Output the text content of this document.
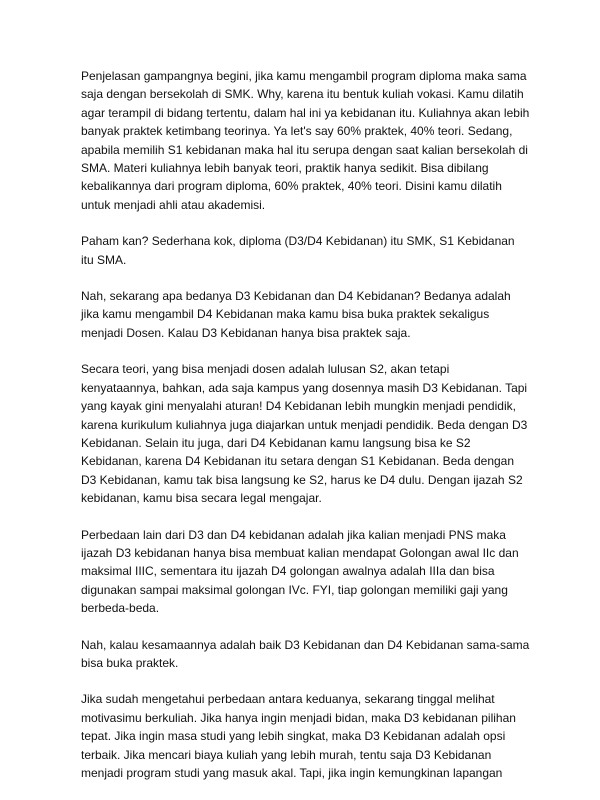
Penjelasan gampangnya begini, jika kamu mengambil program diploma maka sama
saja dengan bersekolah di SMK. Why, karena itu bentuk kuliah vokasi. Kamu dilatih
agar terampil di bidang tertentu, dalam hal ini ya kebidanan itu. Kuliahnya akan lebih
banyak praktek ketimbang teorinya. Ya let's say 60% praktek, 40% teori. Sedang,
apabila memilih S1 kebidanan maka hal itu serupa dengan saat kalian bersekolah di
SMA. Materi kuliahnya lebih banyak teori, praktik hanya sedikit. Bisa dibilang
kebalikannya dari program diploma, 60% praktek, 40% teori. Disini kamu dilatih
untuk menjadi ahli atau akademisi.
Paham kan? Sederhana kok, diploma (D3/D4 Kebidanan) itu SMK, S1 Kebidanan
itu SMA.
Nah, sekarang apa bedanya D3 Kebidanan dan D4 Kebidanan? Bedanya adalah
jika kamu mengambil D4 Kebidanan maka kamu bisa buka praktek sekaligus
menjadi Dosen. Kalau D3 Kebidanan hanya bisa praktek saja.
Secara teori, yang bisa menjadi dosen adalah lulusan S2, akan tetapi
kenyataannya, bahkan, ada saja kampus yang dosennya masih D3 Kebidanan. Tapi
yang kayak gini menyalahi aturan! D4 Kebidanan lebih mungkin menjadi pendidik,
karena kurikulum kuliahnya juga diajarkan untuk menjadi pendidik. Beda dengan D3
Kebidanan. Selain itu juga, dari D4 Kebidanan kamu langsung bisa ke S2
Kebidanan, karena D4 Kebidanan itu setara dengan S1 Kebidanan. Beda dengan
D3 Kebidanan, kamu tak bisa langsung ke S2, harus ke D4 dulu. Dengan ijazah S2
kebidanan, kamu bisa secara legal mengajar.
Perbedaan lain dari D3 dan D4 kebidanan adalah jika kalian menjadi PNS maka
ijazah D3 kebidanan hanya bisa membuat kalian mendapat Golongan awal IIc dan
maksimal IIIC, sementara itu ijazah D4 golongan awalnya adalah IIIa dan bisa
digunakan sampai maksimal golongan IVc. FYI, tiap golongan memiliki gaji yang
berbeda-beda.
Nah, kalau kesamaannya adalah baik D3 Kebidanan dan D4 Kebidanan sama-sama
bisa buka praktek.
Jika sudah mengetahui perbedaan antara keduanya, sekarang tinggal melihat
motivasimu berkuliah. Jika hanya ingin menjadi bidan, maka D3 kebidanan pilihan
tepat. Jika ingin masa studi yang lebih singkat, maka D3 Kebidanan adalah opsi
terbaik. Jika mencari biaya kuliah yang lebih murah, tentu saja D3 Kebidanan
menjadi program studi yang masuk akal. Tapi, jika ingin kemungkinan lapangan
